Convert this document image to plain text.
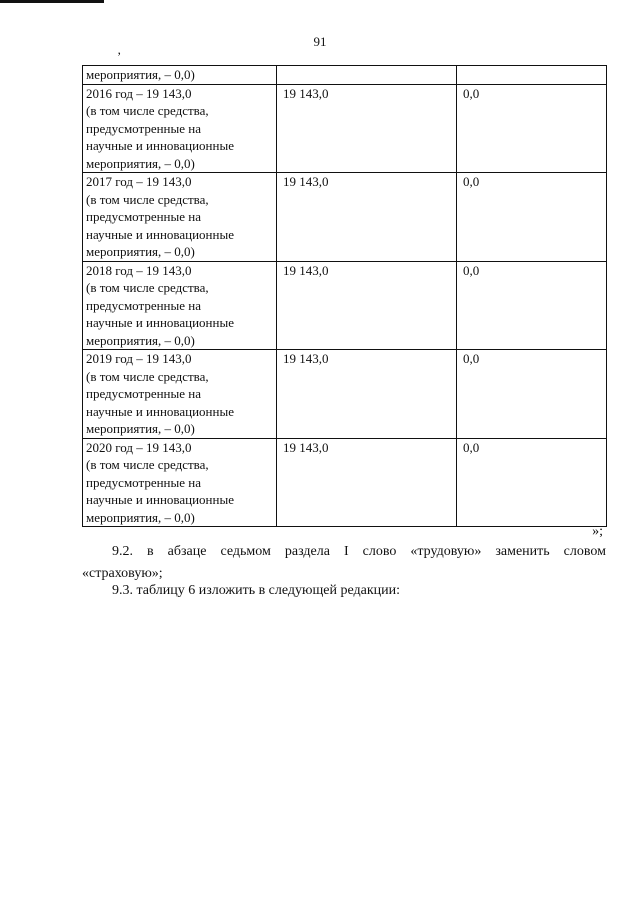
91
‚
мероприятия, – 0,0)		

2016 год – 19 143,0
(в том числе средства,
предусмотренные на
научные и инновационные
мероприятия, – 0,0)	19 143,0	0,0

2017 год – 19 143,0
(в том числе средства,
предусмотренные на
научные и инновационные
мероприятия, – 0,0)	19 143,0	0,0

2018 год – 19 143,0
(в том числе средства,
предусмотренные на
научные и инновационные
мероприятия, – 0,0)	19 143,0	0,0

2019 год – 19 143,0
(в том числе средства,
предусмотренные на
научные и инновационные
мероприятия, – 0,0)	19 143,0	0,0

2020 год – 19 143,0
(в том числе средства,
предусмотренные на
научные и инновационные
мероприятия, – 0,0)	19 143,0	0,0
»;
9.2. в абзаце седьмом раздела I слово «трудовую» заменить словом
«страховую»;
9.3. таблицу 6 изложить в следующей редакции:
